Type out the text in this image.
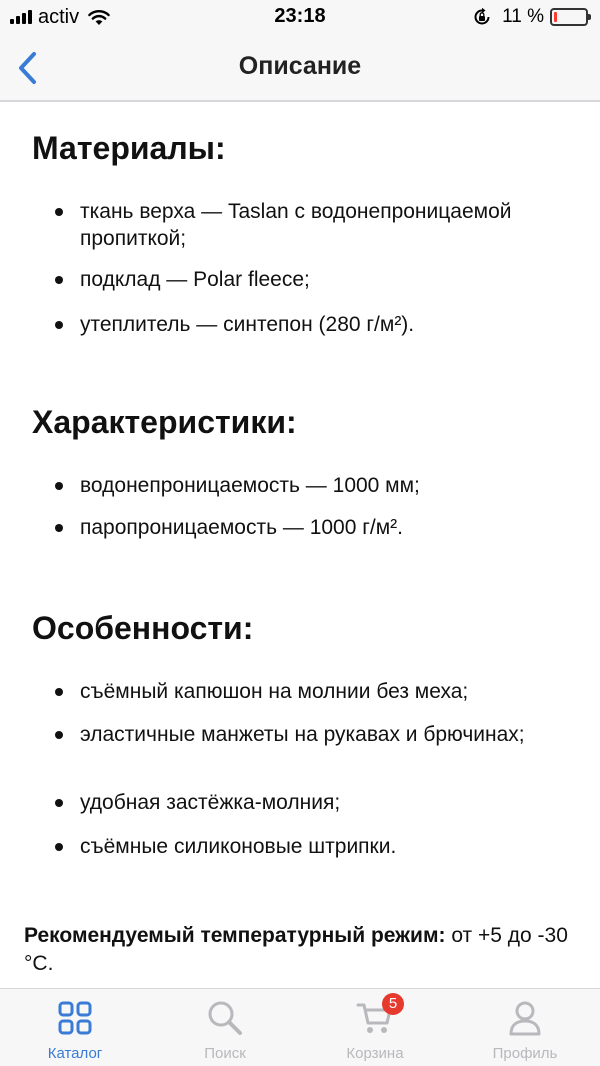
activ	23:18	11 %
Описание
Материалы:
ткань верха — Taslan с водонепроницаемой пропиткой;
подклад — Polar fleece;
утеплитель — синтепон (280 г/м²).
Характеристики:
водонепроницаемость — 1000 мм;
паропроницаемость — 1000 г/м².
Особенности:
съёмный капюшон на молнии без меха;
эластичные манжеты на рукавах и брючинах;
удобная застёжка-молния;
съёмные силиконовые штрипки.
Рекомендуемый температурный режим: от +5 до -30 °C.
Каталог	Поиск
5
Корзина	Профиль
